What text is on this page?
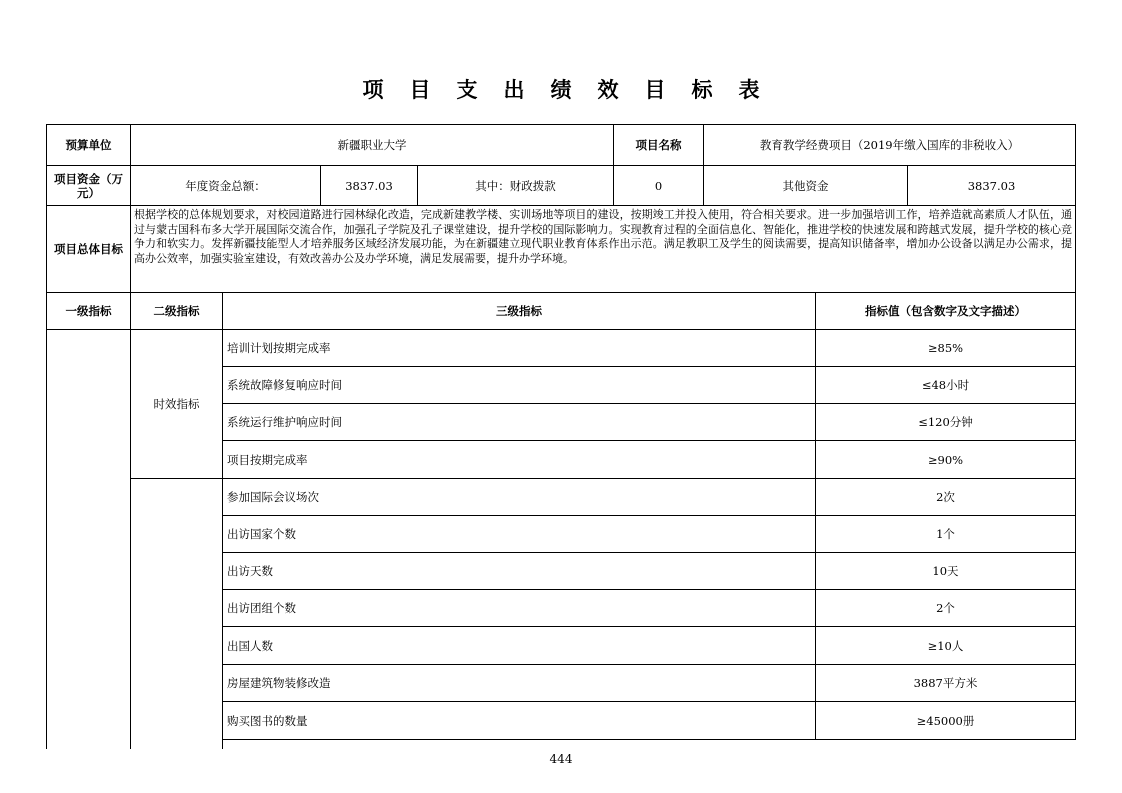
项目支出绩效目标表
预算单位	新疆职业大学	项目名称	教育教学经费项目（2019年缴入国库的非税收入）
项目资金（万元）	年度资金总额：	3837.03	其中：财政拨款	0	其他资金	3837.03
项目总体目标
根据学校的总体规划要求，对校园道路进行园林绿化改造，完成新建教学楼、实训场地等项目的建设，按期竣工并投入使用，符合相关要求。进一步加强培训工作，培养造就高素质人才队伍，通过与蒙古国科布多大学开展国际交流合作，加强孔子学院及孔子课堂建设，提升学校的国际影响力。实现教育过程的全面信息化、智能化，推进学校的快速发展和跨越式发展，提升学校的核心竞争力和软实力。发挥新疆技能型人才培养服务区域经济发展功能，为在新疆建立现代职业教育体系作出示范。满足教职工及学生的阅读需要，提高知识储备率，增加办公设备以满足办公需求，提高办公效率，加强实验室建设，有效改善办公及办学环境，满足发展需要，提升办学环境。
一级指标	二级指标	三级指标	指标值（包含数字及文字描述）
时效指标
培训计划按期完成率	≥85%
系统故障修复响应时间	≤48小时
系统运行维护响应时间	≤120分钟
项目按期完成率	≥90%
参加国际会议场次	2次
出访国家个数	1个
出访天数	10天
出访团组个数	2个
出国人数	≥10人
房屋建筑物装修改造	3887平方米
购买图书的数量	≥45000册
444
